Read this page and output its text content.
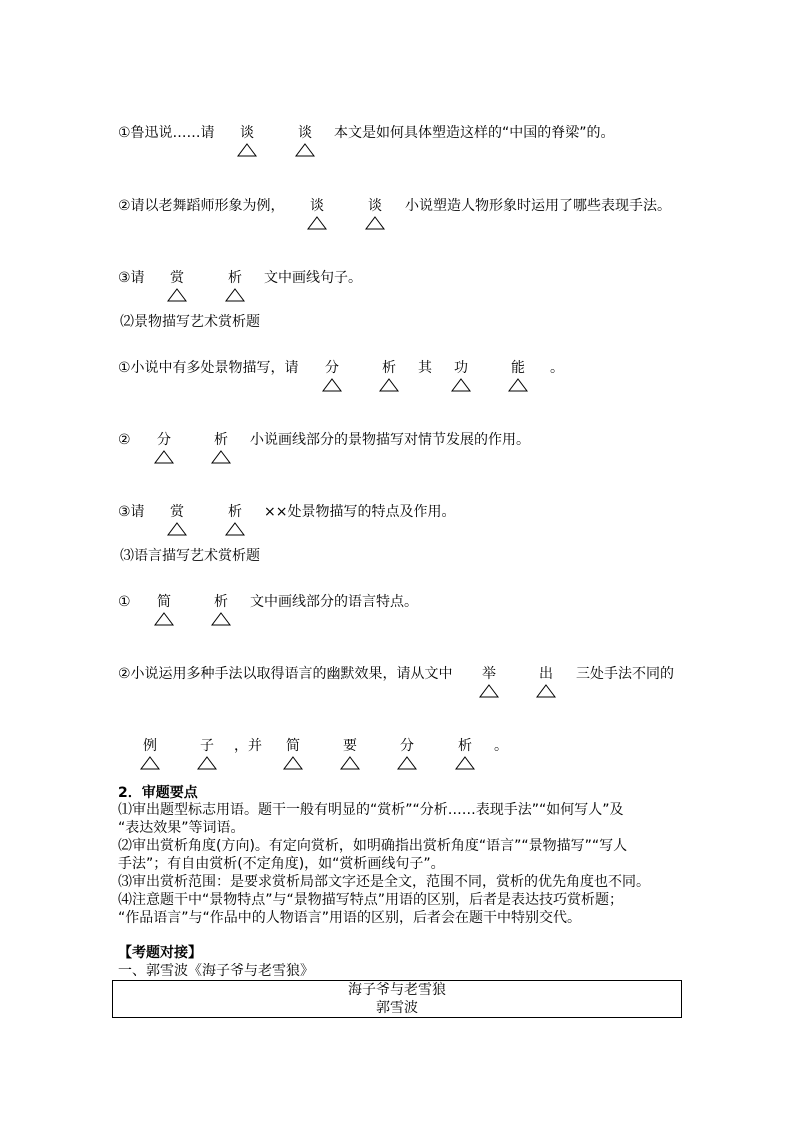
①鲁迅说……请 谈	谈 本文是如何具体塑造这样的“中国的脊梁”的。
②请以老舞蹈师形象为例， 谈	谈 小说塑造人物形象时运用了哪些表现手法。
③请 赏	析 文中画线句子。
⑵景物描写艺术赏析题
①小说中有多处景物描写，请 分	析 其 功	能 。
② 分	析 小说画线部分的景物描写对情节发展的作用。
③请 赏	析 ××处景物描写的特点及作用。
⑶语言描写艺术赏析题
① 简	析 文中画线部分的语言特点。
②小说运用多种手法以取得语言的幽默效果，请从文中 举	出 三处手法不同的
例	子 ，并 简	要	分	析 。
2．审题要点
⑴审出题型标志用语。题干一般有明显的“赏析”“分析……表现手法”“如何写人”及
“表达效果”等词语。
⑵审出赏析角度(方向)。有定向赏析，如明确指出赏析角度“语言”“景物描写”“写人
手法”；有自由赏析(不定角度)，如“赏析画线句子”。
⑶审出赏析范围：是要求赏析局部文字还是全文，范围不同，赏析的优先角度也不同。
⑷注意题干中“景物特点”与“景物描写特点”用语的区别，后者是表达技巧赏析题；
“作品语言”与“作品中的人物语言”用语的区别，后者会在题干中特别交代。
【考题对接】
一、郭雪波《海子爷与老雪狼》
海子爷与老雪狼
郭雪波
